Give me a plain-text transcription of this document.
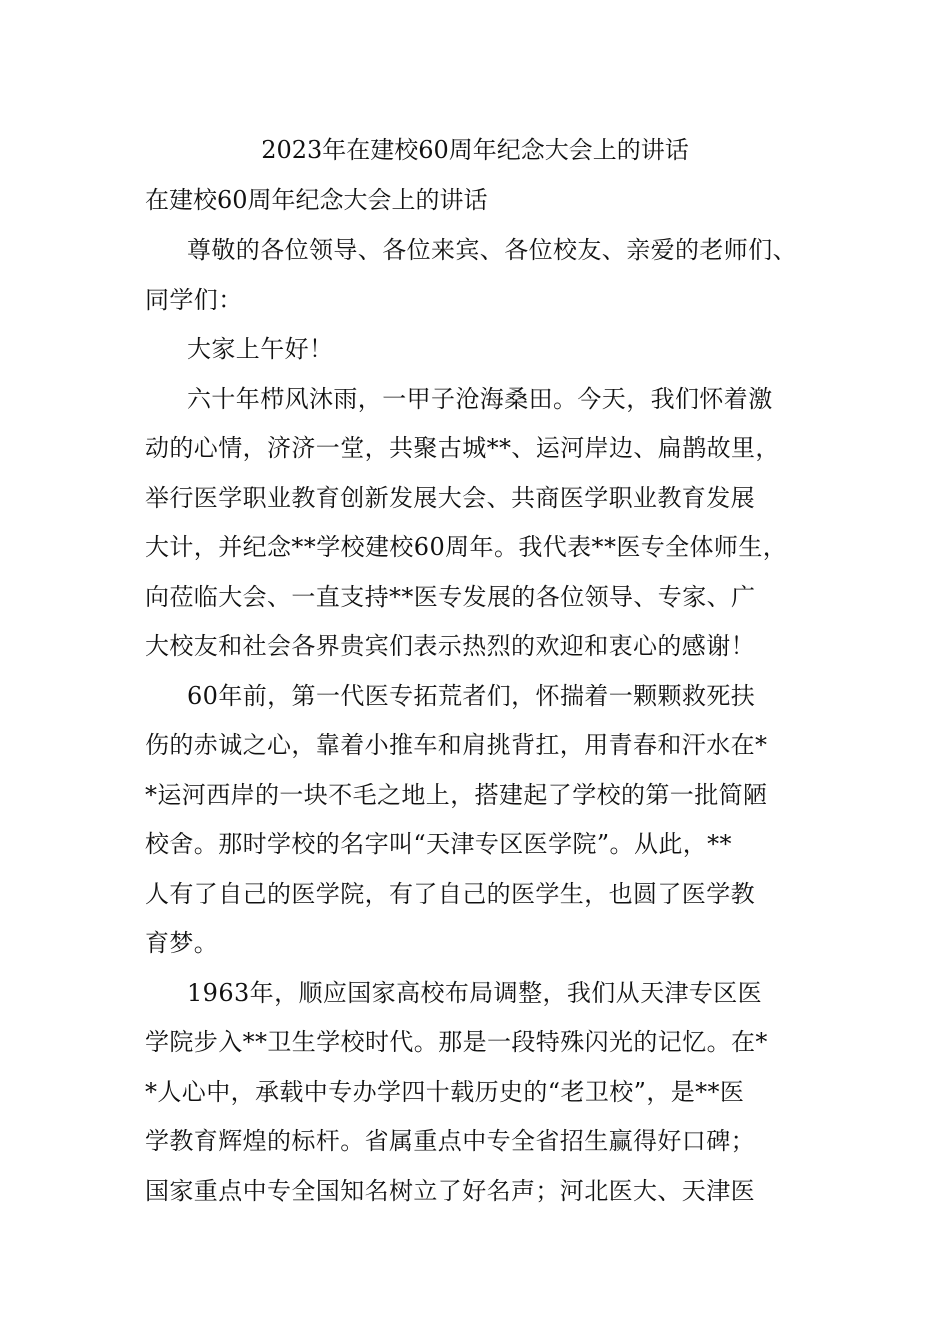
2023年在建校60周年纪念大会上的讲话
在建校60周年纪念大会上的讲话
尊敬的各位领导、各位来宾、各位校友、亲爱的老师们、
同学们：
大家上午好！
六十年栉风沐雨，一甲子沧海桑田。今天，我们怀着激
动的心情，济济一堂，共聚古城**、运河岸边、扁鹊故里，
举行医学职业教育创新发展大会、共商医学职业教育发展
大计，并纪念**学校建校60周年。我代表**医专全体师生，
向莅临大会、一直支持**医专发展的各位领导、专家、广
大校友和社会各界贵宾们表示热烈的欢迎和衷心的感谢！
60年前，第一代医专拓荒者们，怀揣着一颗颗救死扶
伤的赤诚之心，靠着小推车和肩挑背扛，用青春和汗水在*
*运河西岸的一块不毛之地上，搭建起了学校的第一批简陋
校舍。那时学校的名字叫“天津专区医学院”。从此，**
人有了自己的医学院，有了自己的医学生，也圆了医学教
育梦。
1963年，顺应国家高校布局调整，我们从天津专区医
学院步入**卫生学校时代。那是一段特殊闪光的记忆。在*
*人心中，承载中专办学四十载历史的“老卫校”，是**医
学教育辉煌的标杆。省属重点中专全省招生赢得好口碑；
国家重点中专全国知名树立了好名声；河北医大、天津医
